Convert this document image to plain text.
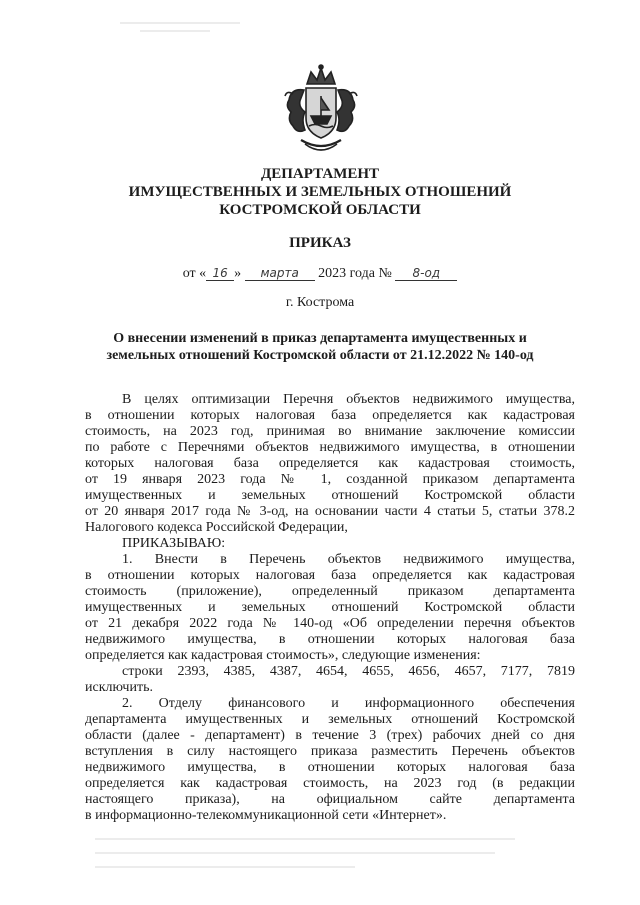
ДЕПАРТАМЕНТ
ИМУЩЕСТВЕННЫХ И ЗЕМЕЛЬНЫХ ОТНОШЕНИЙ
КОСТРОМСКОЙ ОБЛАСТИ
ПРИКАЗ
от « 16 » марта 2023 года № 8-од
г. Кострома
О внесении изменений в приказ департамента имущественных и
земельных отношений Костромской области от 21.12.2022 № 140-од
В целях оптимизации Перечня объектов недвижимого имущества,
в отношении которых налоговая база определяется как кадастровая
стоимость, на 2023 год, принимая во внимание заключение комиссии
по работе с Перечнями объектов недвижимого имущества, в отношении
которых налоговая база определяется как кадастровая стоимость,
от 19 января 2023 года № 1, созданной приказом департамента
имущественных и земельных отношений Костромской области
от 20 января 2017 года № 3-од, на основании части 4 статьи 5, статьи 378.2
Налогового кодекса Российской Федерации,
ПРИКАЗЫВАЮ:
1. Внести в Перечень объектов недвижимого имущества,
в отношении которых налоговая база определяется как кадастровая
стоимость (приложение), определенный приказом департамента
имущественных и земельных отношений Костромской области
от 21 декабря 2022 года № 140-од «Об определении перечня объектов
недвижимого имущества, в отношении которых налоговая база
определяется как кадастровая стоимость», следующие изменения:
строки 2393, 4385, 4387, 4654, 4655, 4656, 4657, 7177, 7819
исключить.
2. Отделу финансового и информационного обеспечения
департамента имущественных и земельных отношений Костромской
области (далее - департамент) в течение 3 (трех) рабочих дней со дня
вступления в силу настоящего приказа разместить Перечень объектов
недвижимого имущества, в отношении которых налоговая база
определяется как кадастровая стоимость, на 2023 год (в редакции
настоящего приказа), на официальном сайте департамента
в информационно-телекоммуникационной сети «Интернет».
